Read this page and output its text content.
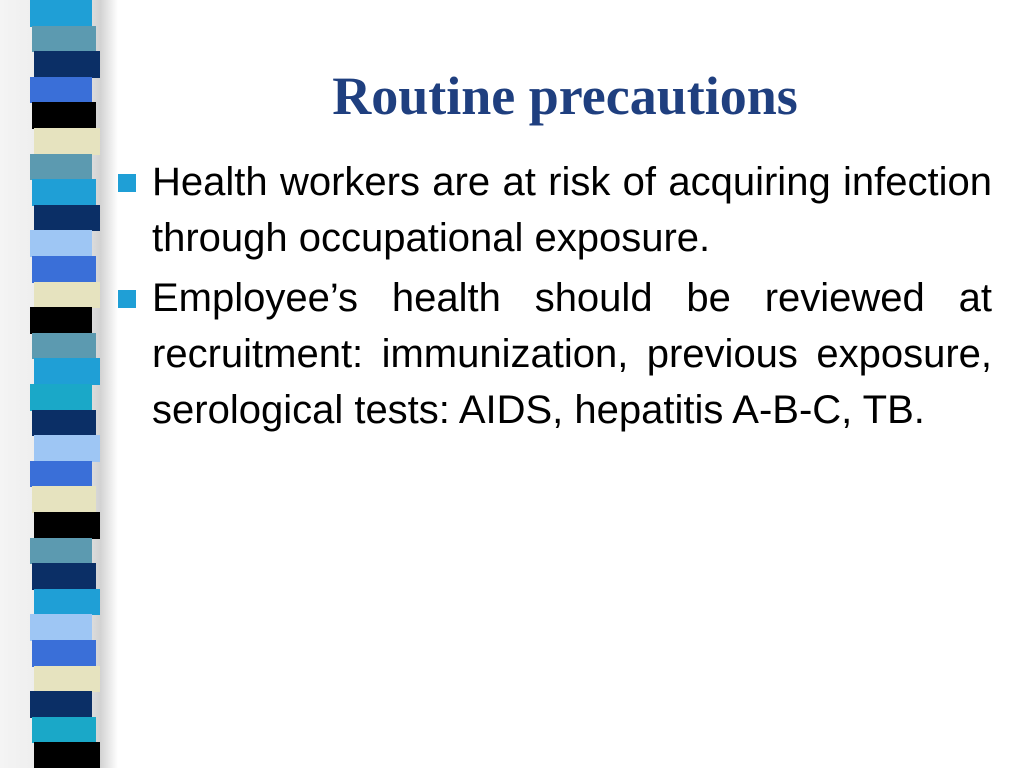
Routine precautions
Health workers are at risk of acquiring infection through occupational exposure.
Employee’s health should be reviewed at recruitment: immunization, previous exposure, serological tests: AIDS, hepatitis A-B-C, TB.
